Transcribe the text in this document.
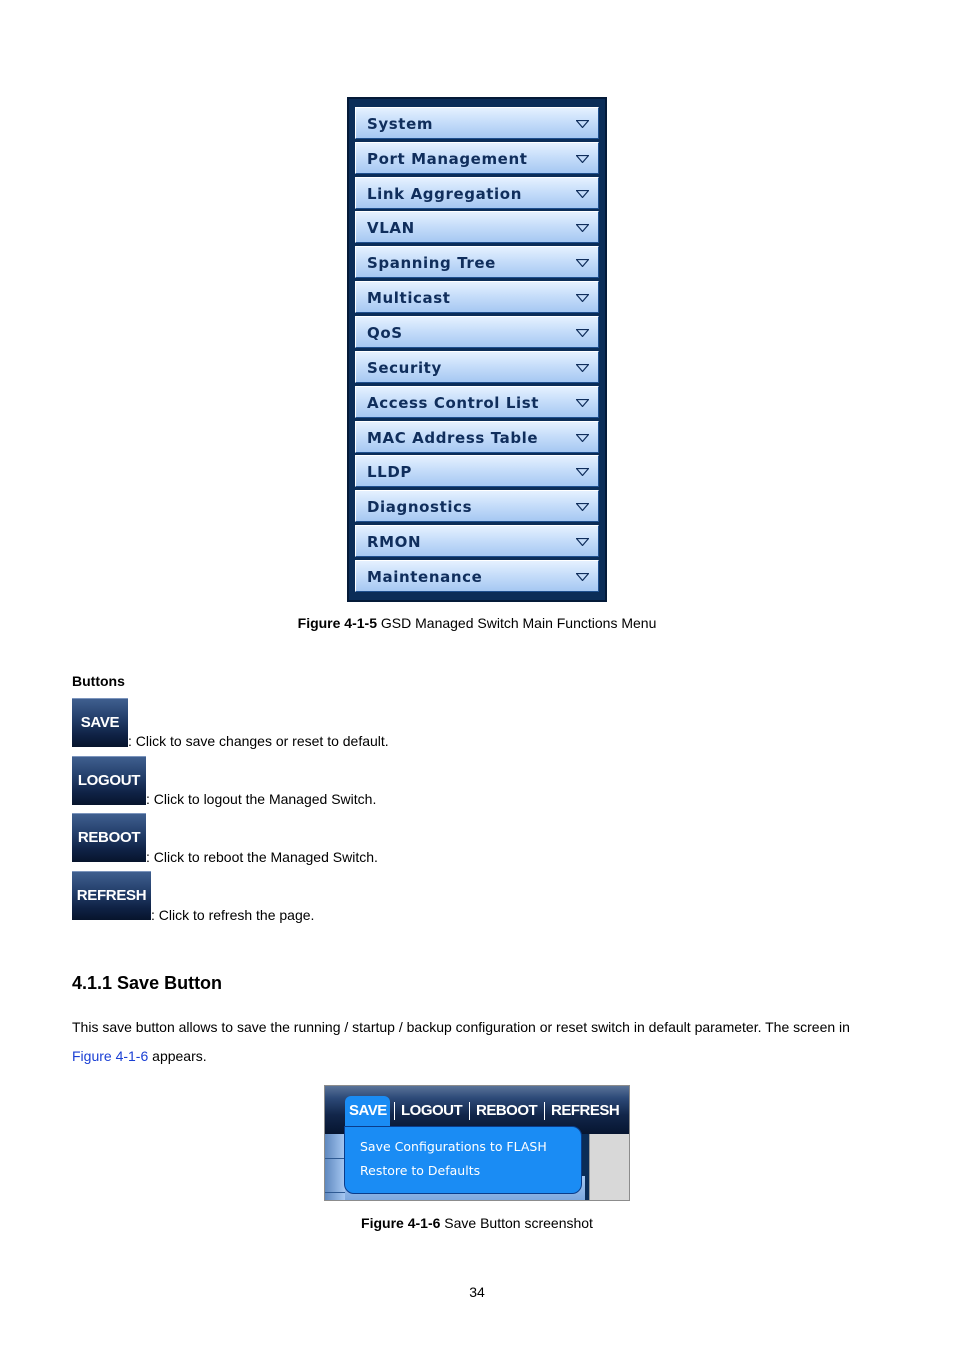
System
Port Management
Link Aggregation
VLAN
Spanning Tree
Multicast
QoS
Security
Access Control List
MAC Address Table
LLDP
Diagnostics
RMON
Maintenance
Figure 4-1-5 GSD Managed Switch Main Functions Menu
Buttons
SAVE
: Click to save changes or reset to default.
LOGOUT
: Click to logout the Managed Switch.
REBOOT
: Click to reboot the Managed Switch.
REFRESH
: Click to refresh the page.
4.1.1 Save Button
This save button allows to save the running / startup / backup configuration or reset switch in default parameter. The screen in
Figure 4-1-6 appears.
Save Configurations to FLASH
Restore to Defaults
SAVE LOGOUT REBOOT REFRESH
Figure 4-1-6 Save Button screenshot
34
